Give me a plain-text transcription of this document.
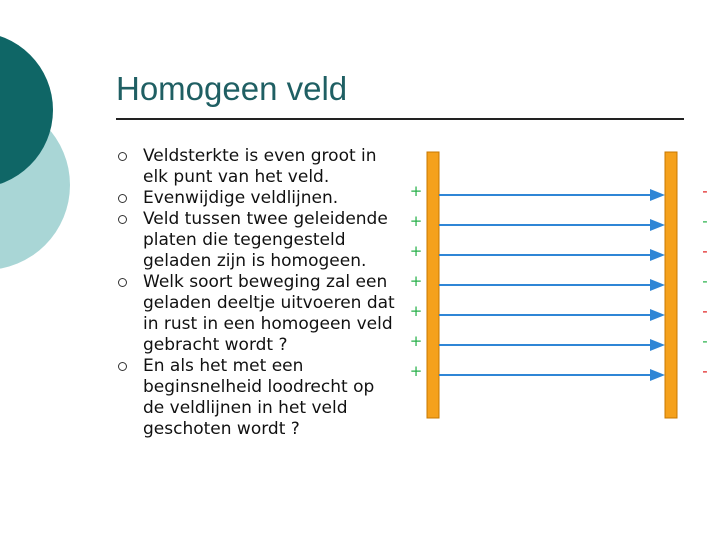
Homogeen veld
Veldsterkte is even groot in elk punt van het veld.
Evenwijdige veldlijnen.
Veld tussen twee geleidende platen die tegengesteld geladen zijn is homogeen.
Welk soort beweging zal een geladen deeltje uitvoeren dat in rust in een homogeen veld gebracht wordt ?
En als het met een beginsnelheid loodrecht op de veldlijnen in het veld geschoten wordt ?
+	-
+	-
+	-
+	-
+	-
+	-
+	-
